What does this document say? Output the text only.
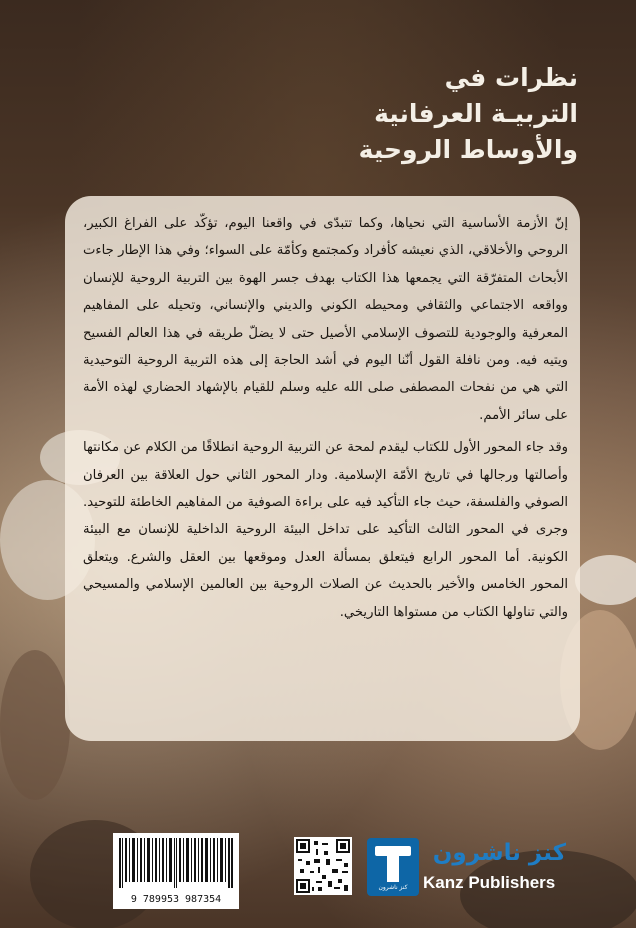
نظرات في
التربيـة العرفانية
والأوساط الروحية

إنّ الأزمة الأساسية التي نحياها، وكما تتبدّى في واقعنا اليوم، تؤكّد على الفراغ الكبير، الروحي والأخلاقي، الذي نعيشه كأفراد وكمجتمع وكأمّة على السواء؛ وفي هذا الإطار جاءت الأبحاث المتفرّقة التي يجمعها هذا الكتاب بهدف جسر الهوة بين التربية الروحية للإنسان وواقعه الاجتماعي والثقافي ومحيطه الكوني والديني والإنساني، وتحيله على المفاهيم المعرفية والوجودية للتصوف الإسلامي الأصيل حتى لا يضلّ طريقه في هذا العالم الفسيح ويتيه فيه. ومن نافلة القول أنّنا اليوم في أشد الحاجة إلى هذه التربية الروحية التوحيدية التي هي من نفحات المصطفى صلى الله عليه وسلم للقيام بالإشهاد الحضاري لهذه الأمة على سائر الأمم.

وقد جاء المحور الأول للكتاب ليقدم لمحة عن التربية الروحية انطلاقًا من الكلام عن مكانتها وأصالتها ورجالها في تاريخ الأمّة الإسلامية. ودار المحور الثاني حول العلاقة بين العرفان الصوفي والفلسفة، حيث جاء التأكيد فيه على براءة الصوفية من المفاهيم الخاطئة للتوحيد. وجرى في المحور الثالث التأكيد على تداخل البيئة الروحية الداخلية للإنسان مع البيئة الكونية. أما المحور الرابع فيتعلق بمسألة العدل وموقعها بين العقل والشرع. ويتعلق المحور الخامس والأخير بالحديث عن الصلات الروحية بين العالمين الإسلامي والمسيحي والتي تناولها الكتاب من مستواها التاريخي.

9 789953 987354
كنز ناشرون
كنز ناشرون
Kanz Publishers
